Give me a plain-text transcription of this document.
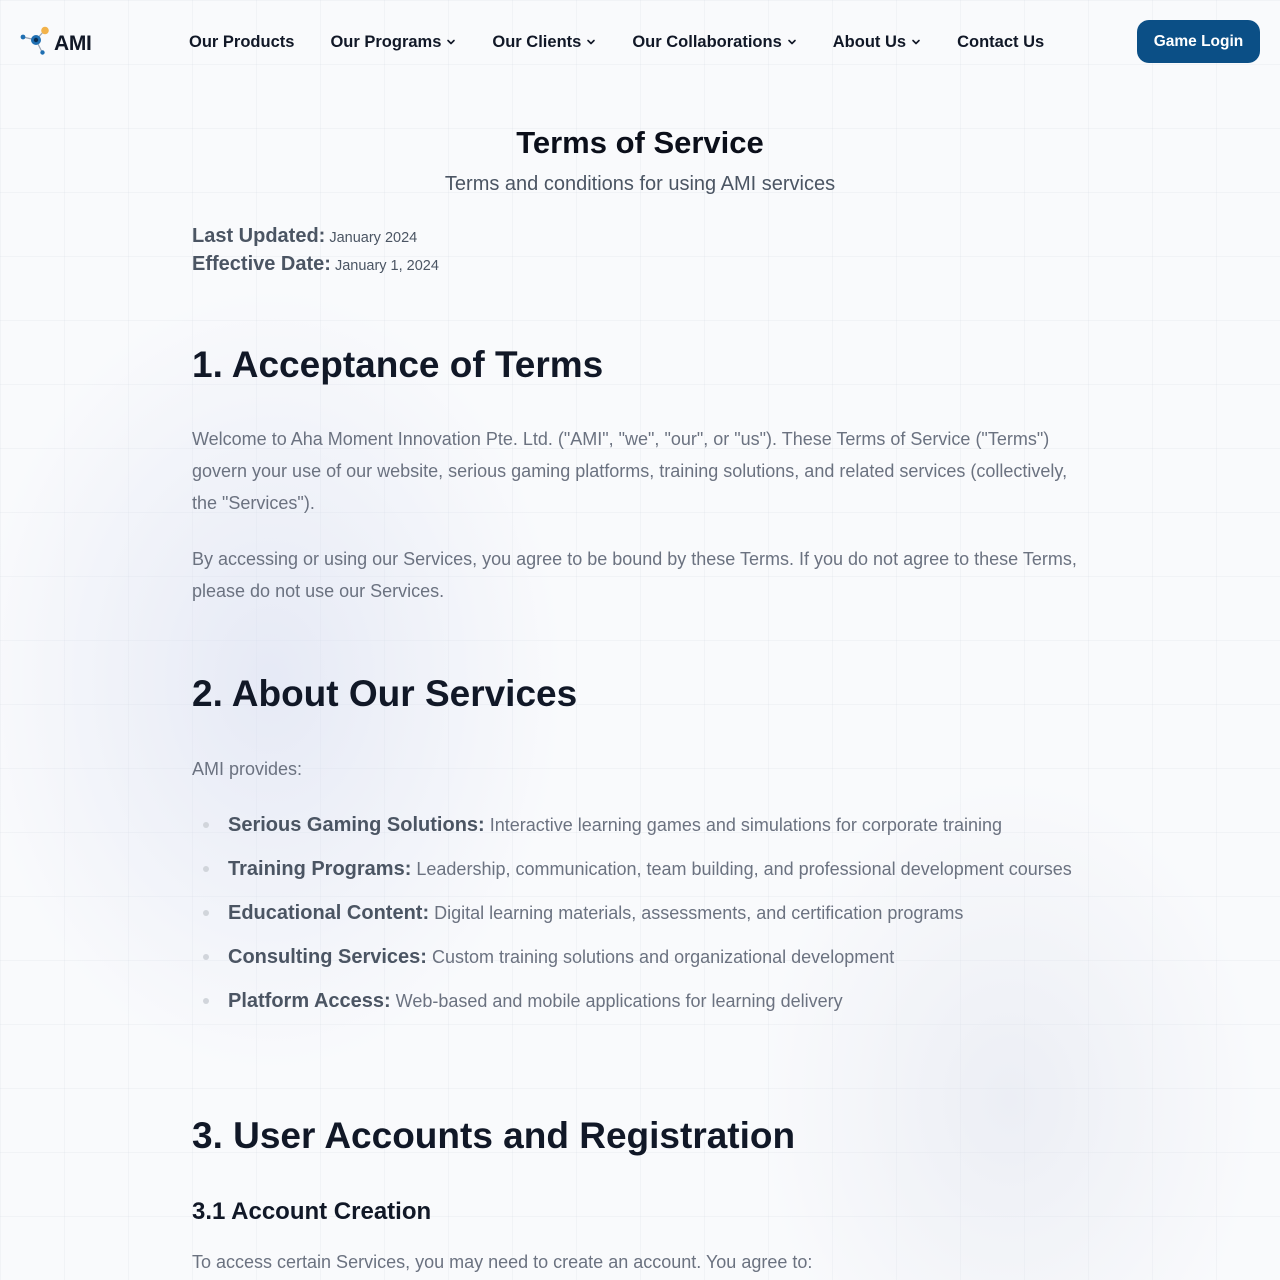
AMI	Our Products Our Programs	Our Clients	Our Collaborations	About Us	Contact Us	Game Login
Terms of Service
Terms and conditions for using AMI services
Last Updated: January 2024
Effective Date: January 1, 2024
1. Acceptance of Terms

Welcome to Aha Moment Innovation Pte. Ltd. ("AMI", "we", "our", or "us"). These Terms of Service ("Terms") govern your use of our website, serious gaming platforms, training solutions, and related services (collectively, the "Services").

By accessing or using our Services, you agree to be bound by these Terms. If you do not agree to these Terms, please do not use our Services.

2. About Our Services

AMI provides:

Serious Gaming Solutions: Interactive learning games and simulations for corporate training
Training Programs: Leadership, communication, team building, and professional development courses
Educational Content: Digital learning materials, assessments, and certification programs
Consulting Services: Custom training solutions and organizational development
Platform Access: Web-based and mobile applications for learning delivery
3. User Accounts and Registration
3.1 Account Creation

To access certain Services, you may need to create an account. You agree to:
